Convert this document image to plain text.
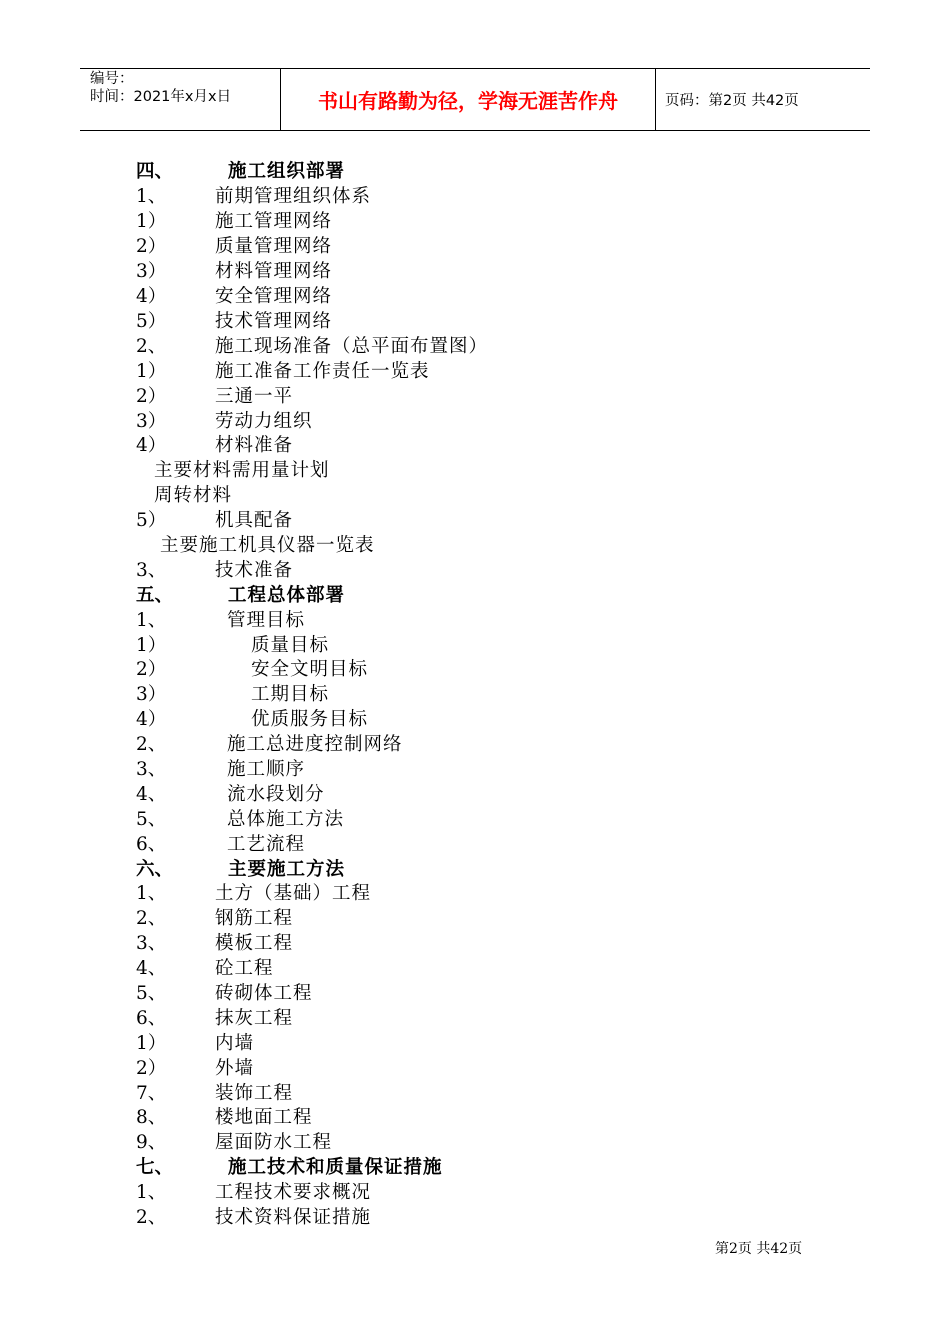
编号：
时间：2021年x月x日	书山有路勤为径，学海无涯苦作舟	页码：第2页 共42页
四、	施工组织部署
1、	前期管理组织体系
1）	施工管理网络
2）	质量管理网络
3）	材料管理网络
4）	安全管理网络
5）	技术管理网络
2、	施工现场准备（总平面布置图）
1）	施工准备工作责任一览表
2）	三通一平
3）	劳动力组织
4）	材料准备
主要材料需用量计划
周转材料
5）	机具配备
主要施工机具仪器一览表
3、	技术准备
五、	工程总体部署
1、	管理目标
1）	质量目标
2）	安全文明目标
3）	工期目标
4）	优质服务目标
2、	施工总进度控制网络
3、	施工顺序
4、	流水段划分
5、	总体施工方法
6、	工艺流程
六、	主要施工方法
1、	土方（基础）工程
2、	钢筋工程
3、	模板工程
4、	砼工程
5、	砖砌体工程
6、	抹灰工程
1）	内墙
2）	外墙
7、	装饰工程
8、	楼地面工程
9、	屋面防水工程
七、	施工技术和质量保证措施
1、	工程技术要求概况
2、	技术资料保证措施
第2页 共42页
